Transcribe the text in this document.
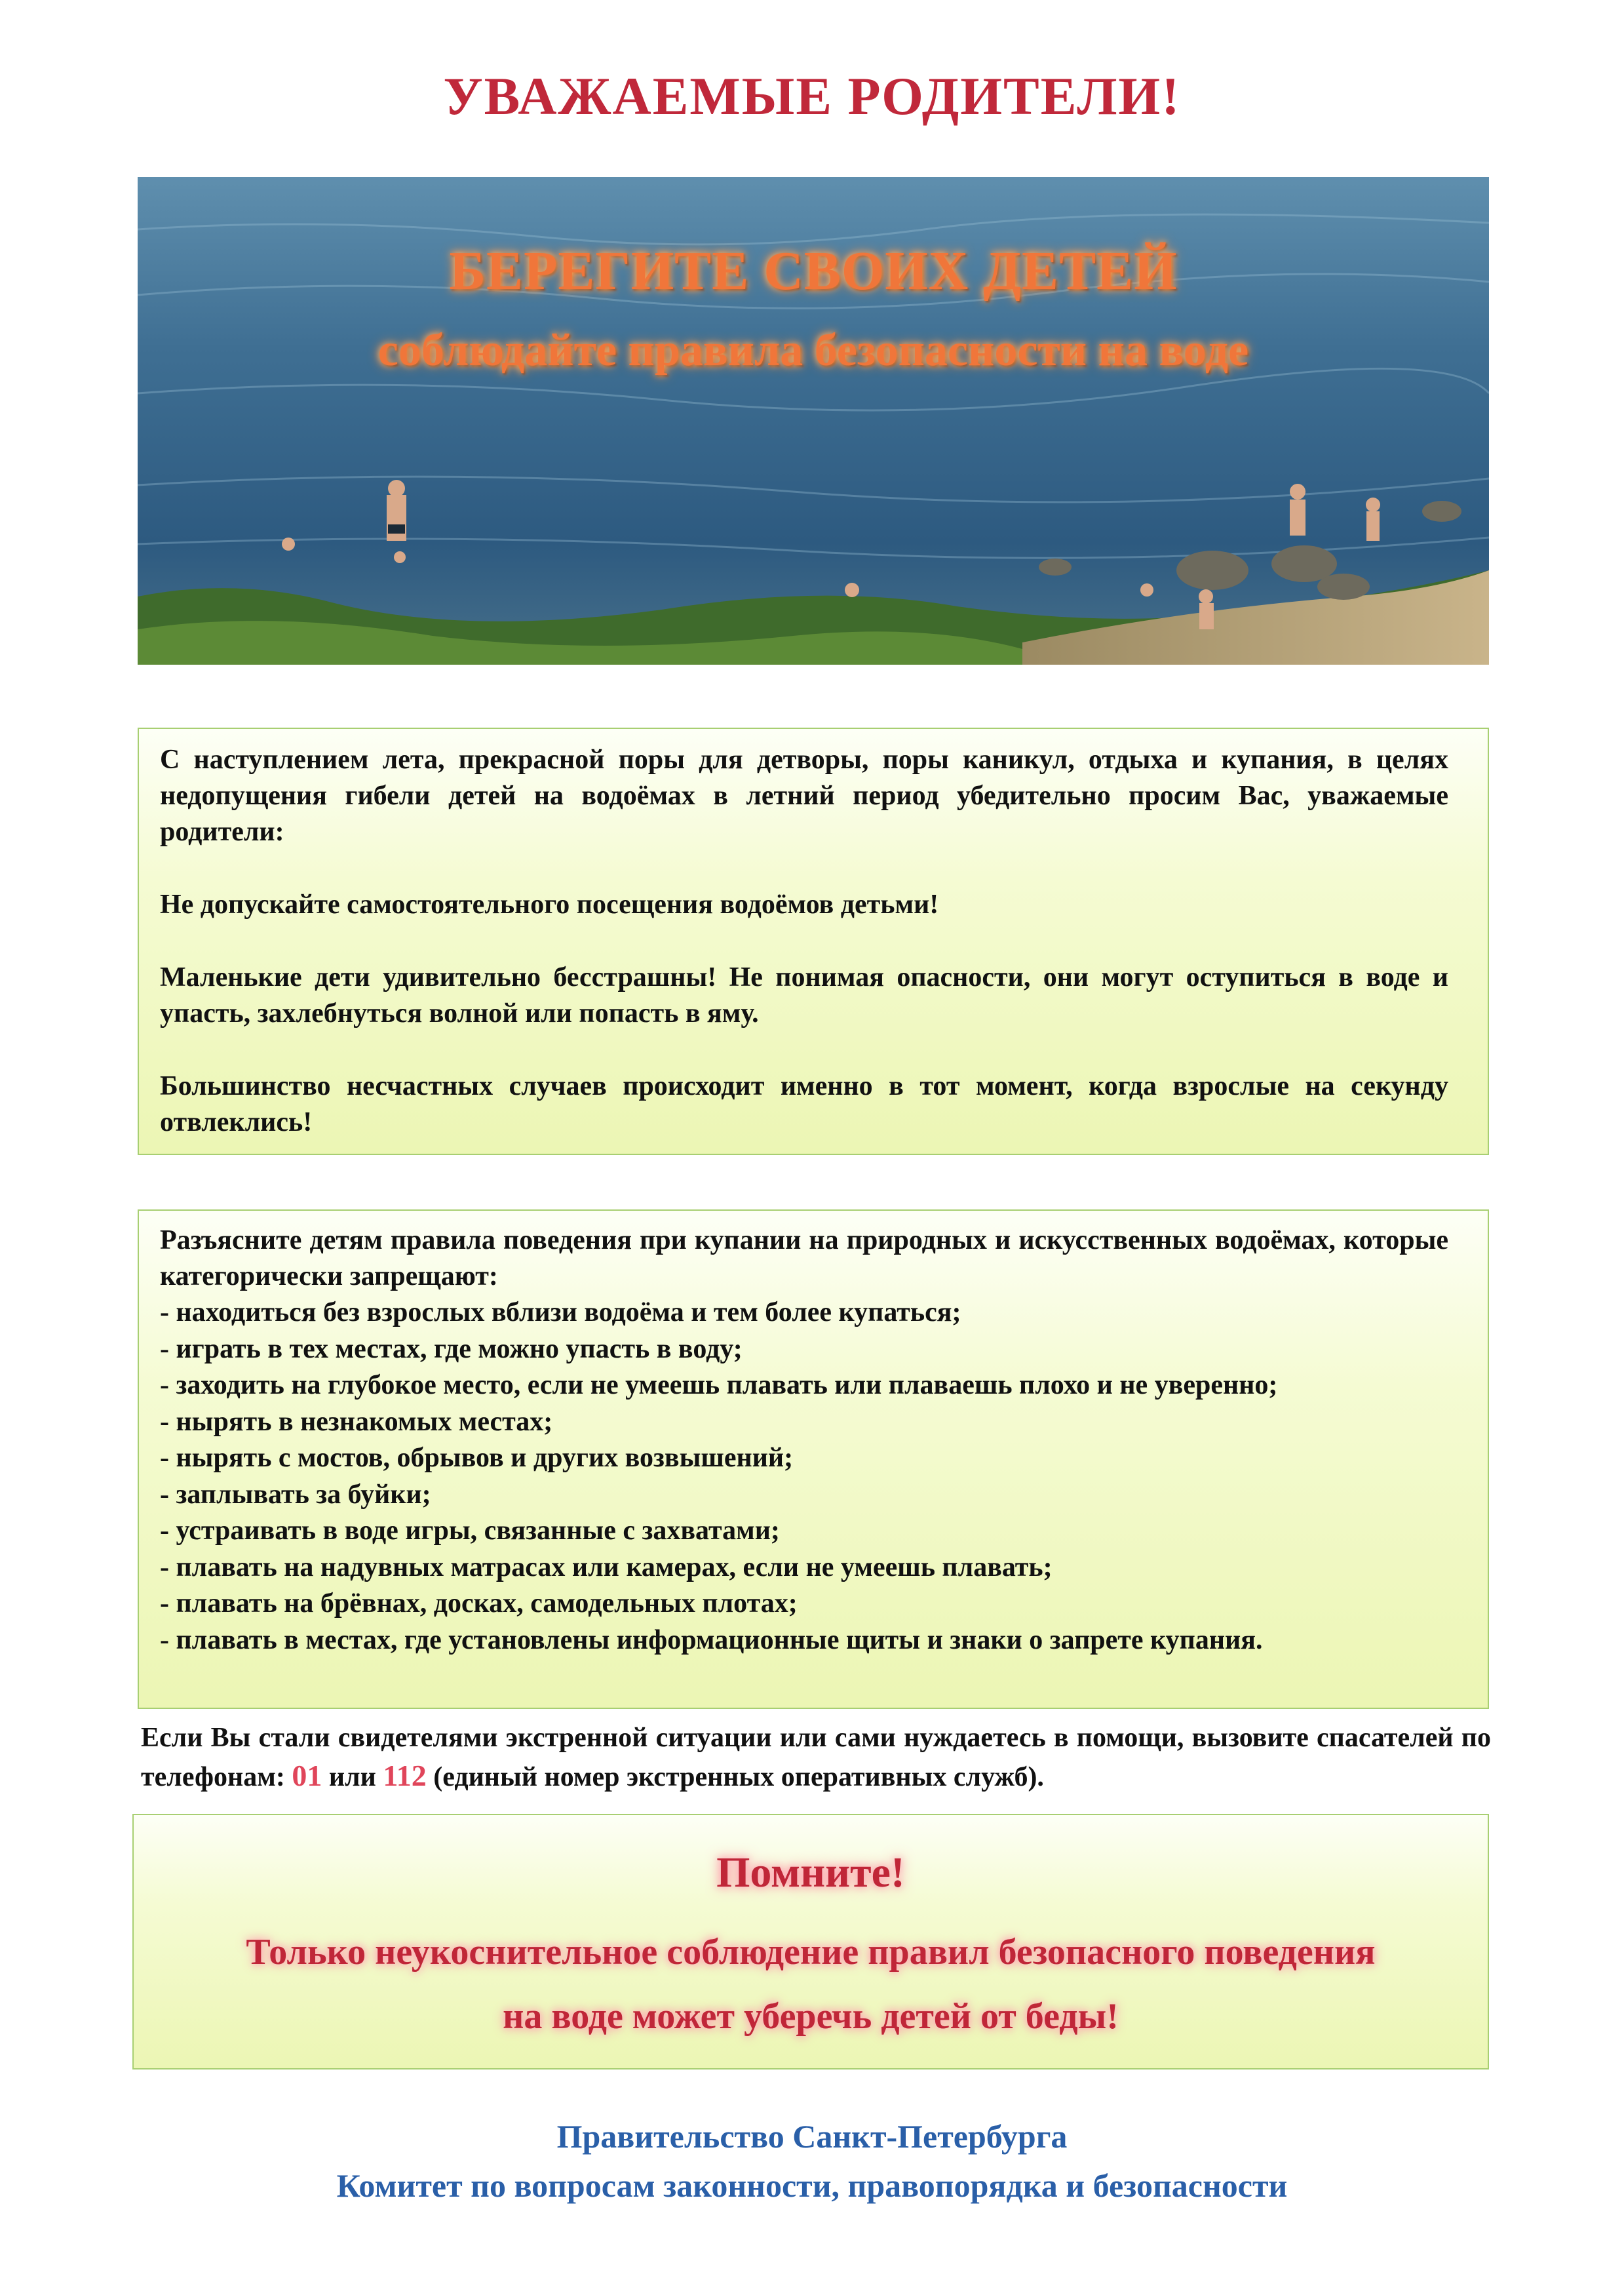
УВАЖАЕМЫЕ РОДИТЕЛИ!
БЕРЕГИТЕ СВОИХ ДЕТЕЙ
соблюдайте правила безопасности на воде

С наступлением лета, прекрасной поры для детворы, поры каникул, отдыха и купания, в целях недопущения гибели детей на водоёмах в летний период убедительно просим Вас, уважаемые родители:

Не допускайте самостоятельного посещения водоёмов детьми!

Маленькие дети удивительно бесстрашны! Не понимая опасности, они могут оступиться в воде и упасть, захлебнуться волной или попасть в яму.

Большинство несчастных случаев происходит именно в тот момент, когда взрослые на секунду отвлеклись!

Разъясните детям правила поведения при купании на природных и искусственных водоёмах, которые категорически запрещают:

- находиться без взрослых вблизи водоёма и тем более купаться;
- играть в тех местах, где можно упасть в воду;
- заходить на глубокое место, если не умеешь плавать или плаваешь плохо и не уверенно;
- нырять в незнакомых местах;
- нырять с мостов, обрывов и других возвышений;
- заплывать за буйки;
- устраивать в воде игры, связанные с захватами;
- плавать на надувных матрасах или камерах, если не умеешь плавать;
- плавать на брёвнах, досках, самодельных плотах;
- плавать в местах, где установлены информационные щиты и знаки о запрете купания.

Если Вы стали свидетелями экстренной ситуации или сами нуждаетесь в помощи, вызовите спасателей по телефонам: 01 или 112 (единый номер экстренных оперативных служб).

Помните!
Только неукоснительное соблюдение правил безопасного поведения
на воде может уберечь детей от беды!

Правительство Санкт-Петербурга

Комитет по вопросам законности, правопорядка и безопасности
